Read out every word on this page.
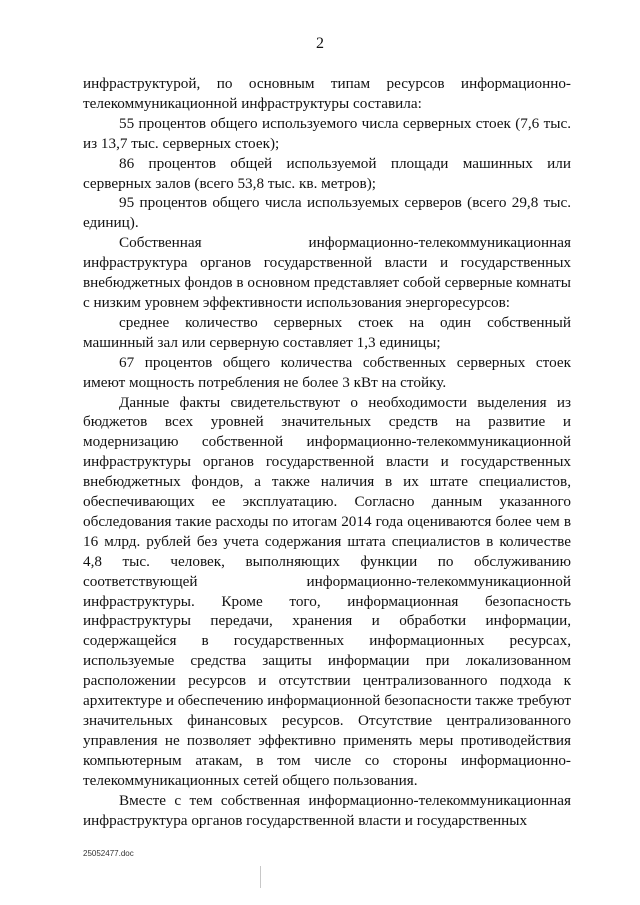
2

инфраструктурой, по основным типам ресурсов информационно-телекоммуникационной инфраструктуры составила:

55 процентов общего используемого числа серверных стоек (7,6 тыс. из 13,7 тыс. серверных стоек);

86 процентов общей используемой площади машинных или серверных залов (всего 53,8 тыс. кв. метров);

95 процентов общего числа используемых серверов (всего 29,8 тыс. единиц).

Собственная информационно-телекоммуникационная инфраструктура органов государственной власти и государственных внебюджетных фондов в основном представляет собой серверные комнаты с низким уровнем эффективности использования энергоресурсов:

среднее количество серверных стоек на один собственный машинный зал или серверную составляет 1,3 единицы;

67 процентов общего количества собственных серверных стоек имеют мощность потребления не более 3 кВт на стойку.

Данные факты свидетельствуют о необходимости выделения из бюджетов всех уровней значительных средств на развитие и модернизацию собственной информационно-телекоммуникационной инфраструктуры органов государственной власти и государственных внебюджетных фондов, а также наличия в их штате специалистов, обеспечивающих ее эксплуатацию. Согласно данным указанного обследования такие расходы по итогам 2014 года оцениваются более чем в 16 млрд. рублей без учета содержания штата специалистов в количестве 4,8 тыс. человек, выполняющих функции по обслуживанию соответствующей информационно-телекоммуникационной инфраструктуры. Кроме того, информационная безопасность инфраструктуры передачи, хранения и обработки информации, содержащейся в государственных информационных ресурсах, используемые средства защиты информации при локализованном расположении ресурсов и отсутствии централизованного подхода к архитектуре и обеспечению информационной безопасности также требуют значительных финансовых ресурсов. Отсутствие централизованного управления не позволяет эффективно применять меры противодействия компьютерным атакам, в том числе со стороны информационно-телекоммуникационных сетей общего пользования.

Вместе с тем собственная информационно-телекоммуникационная инфраструктура органов государственной власти и государственных

25052477.doc
